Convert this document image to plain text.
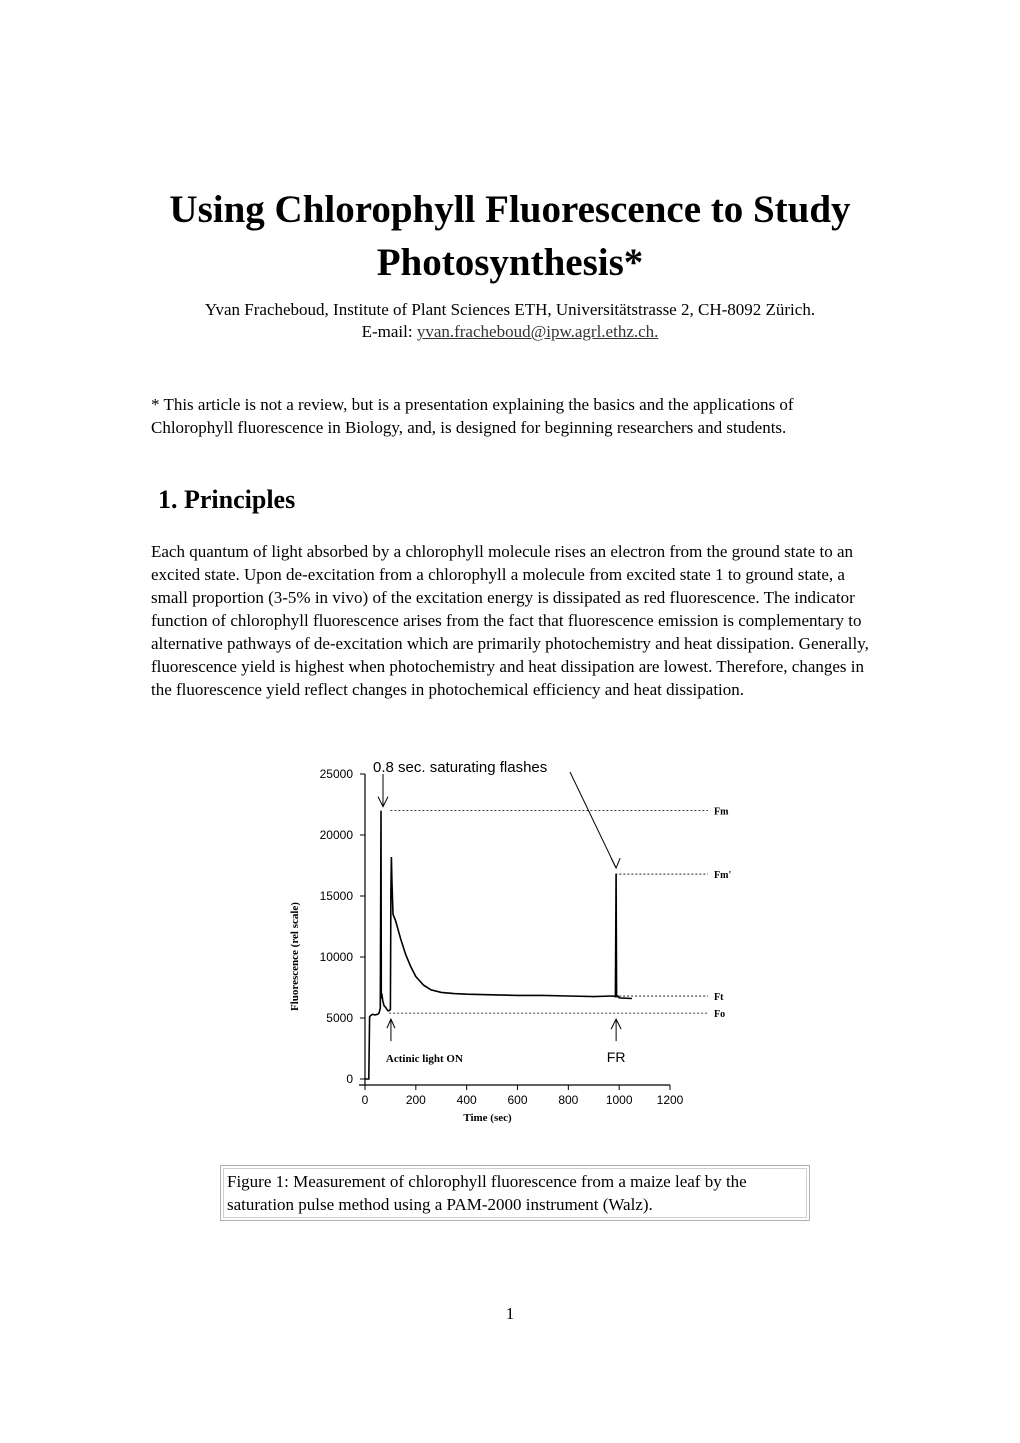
Using Chlorophyll Fluorescence to Study Photosynthesis*
Yvan Fracheboud, Institute of Plant Sciences ETH, Universitätstrasse 2, CH-8092 Zürich.
E-mail: yvan.fracheboud@ipw.agrl.ethz.ch.
* This article is not a review, but is a presentation explaining the basics and the applications of Chlorophyll fluorescence in Biology, and, is designed for beginning researchers and students.
1. Principles
Each quantum of light absorbed by a chlorophyll molecule rises an electron from the ground state to an excited state. Upon de-excitation from a chlorophyll a molecule from excited state 1 to ground state, a small proportion (3-5% in vivo) of the excitation energy is dissipated as red fluorescence. The indicator function of chlorophyll fluorescence arises from the fact that fluorescence emission is complementary to alternative pathways of de-excitation which are primarily photochemistry and heat dissipation. Generally, fluorescence yield is highest when photochemistry and heat dissipation are lowest. Therefore, changes in the fluorescence yield reflect changes in photochemical efficiency and heat dissipation.
0
5000
10000
15000
20000
25000
0	200	400	600	800 1000 1200
Time (sec)
Fluorescence (rel scale)
Fm
Fm'
Ft
Fo
0.8 sec. saturating flashes
Actinic light ON	FR
Figure 1: Measurement of chlorophyll fluorescence from a maize leaf by the saturation pulse method using a PAM-2000 instrument (Walz).
1
